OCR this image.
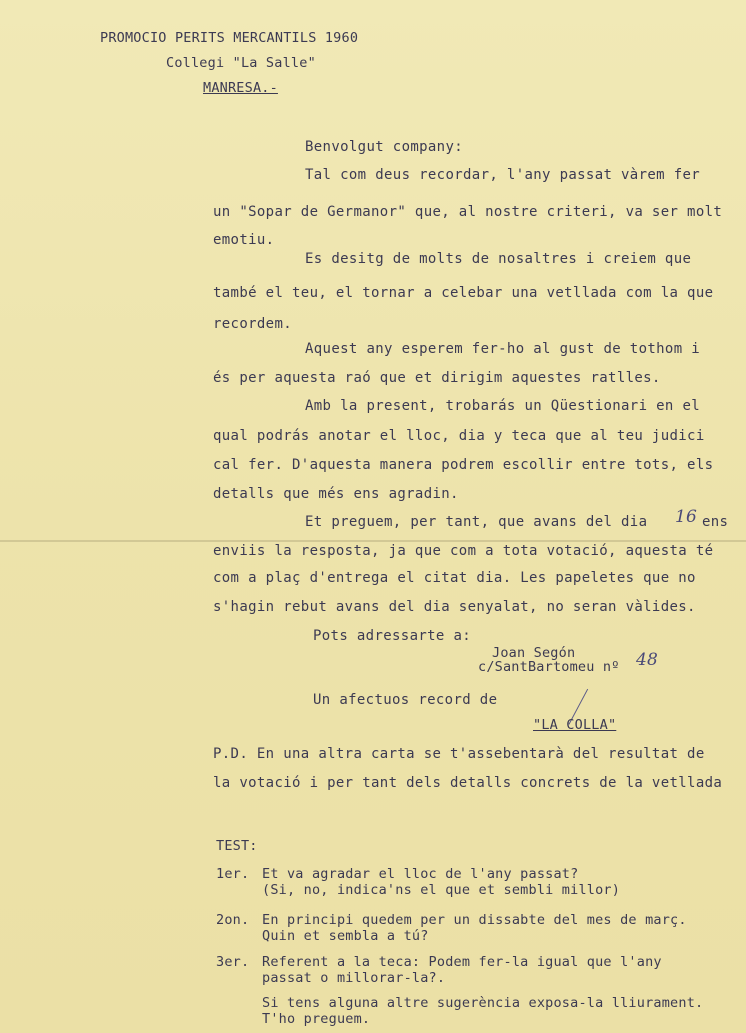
PROMOCIO PERITS MERCANTILS 1960
Collegi "La Salle"
MANRESA.-
Benvolgut company:
Tal com deus recordar, l'any passat vàrem fer
un "Sopar de Germanor" que, al nostre criteri, va ser molt
emotiu.
Es desitg de molts de nosaltres i creiem que
també el teu, el tornar a celebar una vetllada com la que
recordem.
Aquest any esperem fer-ho al gust de tothom i
és per aquesta raó que et dirigim aquestes ratlles.
Amb la present, trobarás un Qüestionari en el
qual podrás anotar el lloc, dia y teca que al teu judici
cal fer. D'aquesta manera podrem escollir entre tots, els
detalls que més ens agradin.
Et preguem, per tant, que avans del dia 16 ens
enviis la resposta, ja que com a tota votació, aquesta té
com a plaç d'entrega el citat dia. Les papeletes que no
s'hagin rebut avans del dia senyalat, no seran vàlides.
Pots adressarte a:
Joan Segón
c/SantBartomeu nº 48
Un afectuos record de
"LA COLLA"
P.D. En una altra carta se t'assebentarà del resultat de
la votació i per tant dels detalls concrets de la vetllada
TEST:
1er. Et va agradar el lloc de l'any passat?
(Si, no, indica'ns el que et sembli millor)
2on. En principi quedem per un dissabte del mes de març.
Quin et sembla a tú?
3er. Referent a la teca: Podem fer-la igual que l'any
passat o millorar-la?.
Si tens alguna altre sugerència exposa-la lliurament.
T'ho preguem.
